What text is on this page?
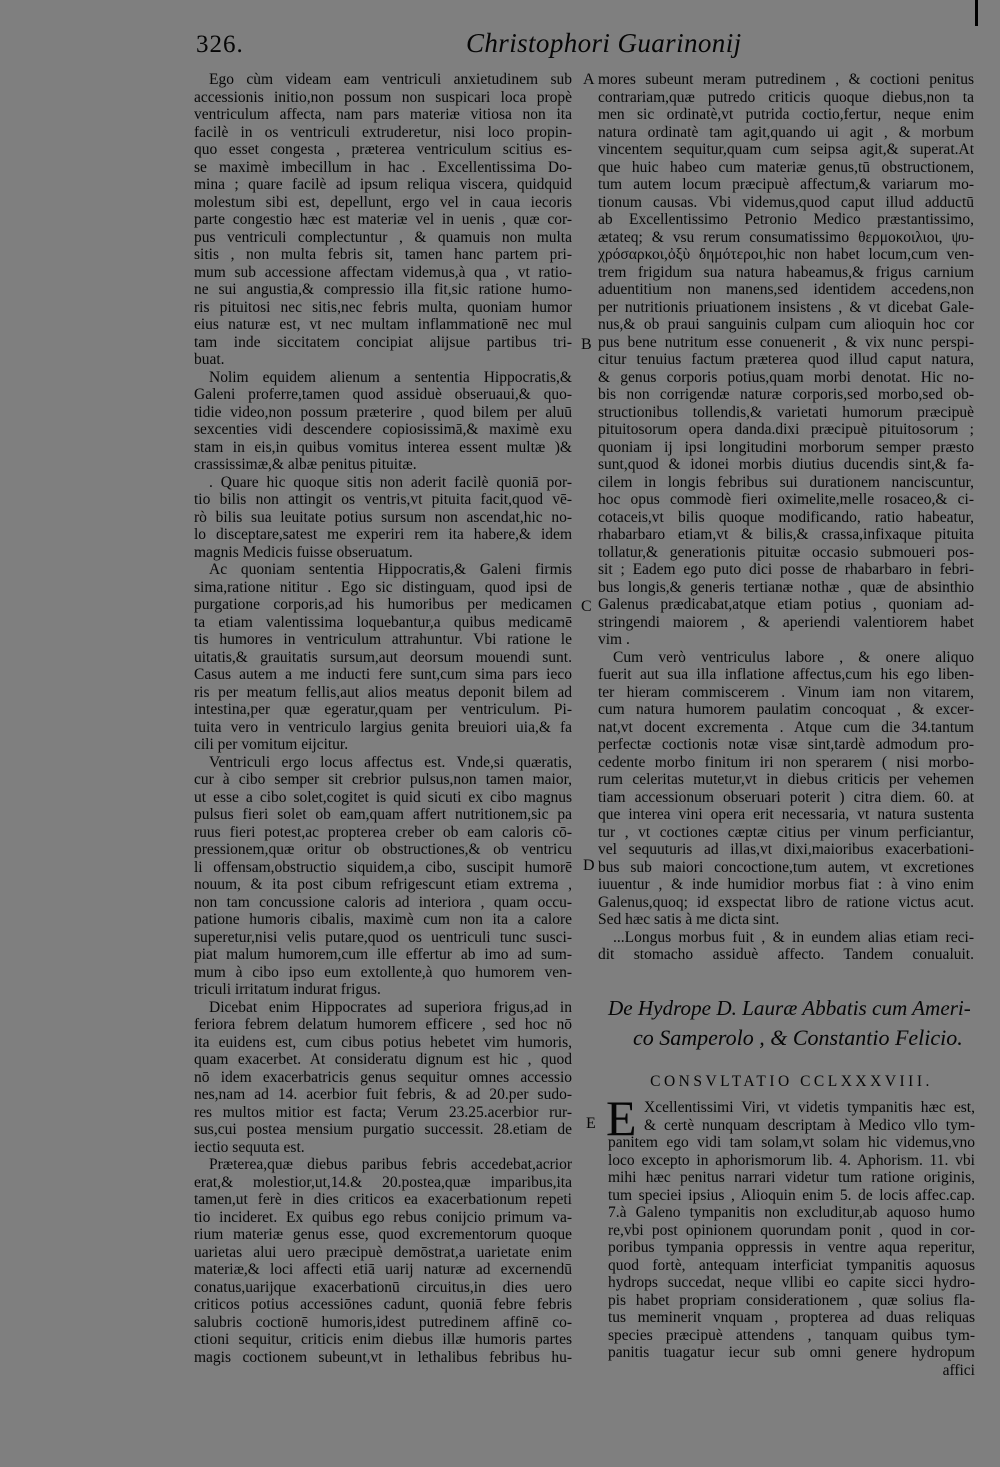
326.	Christophori Guarinonij
Ego cùm videam eam ventriculi anxietudinem sub
accessionis initio,non possum non suspicari loca propè
ventriculum affecta, nam pars materiæ vitiosa non ita
facilè in os ventriculi extruderetur, nisi loco propin-
quo esset congesta , præterea ventriculum scitius es-
se maximè imbecillum in hac . Excellentissima Do-
mina ; quare facilè ad ipsum reliqua viscera, quidquid
molestum sibi est, depellunt, ergo vel in caua iecoris
parte congestio hæc est materiæ vel in uenis , quæ cor-
pus ventriculi complectuntur , & quamuis non multa
sitis , non multa febris sit, tamen hanc partem pri-
mum sub accessione affectam videmus,à qua , vt ratio-
ne sui angustia,& compressio illa fit,sic ratione humo-
ris pituitosi nec sitis,nec febris multa, quoniam humor
eius naturæ est, vt nec multam inflammationē nec mul
tam inde siccitatem concipiat alijsue partibus tri-
buat.
Nolim equidem alienum a sententia Hippocratis,&
Galeni proferre,tamen quod assiduè obseruaui,& quo-
tidie video,non possum præterire , quod bilem per aluū
sexcenties vidi descendere copiosissimā,& maximè exu
stam in eis,in quibus vomitus interea essent multæ )&
crassissimæ,& albæ penitus pituitæ.
. Quare hic quoque sitis non aderit facilè quoniā por-
tio bilis non attingit os ventris,vt pituita facit,quod vē-
rò bilis sua leuitate potius sursum non ascendat,hic no-
lo disceptare,satest me experiri rem ita habere,& idem
magnis Medicis fuisse obseruatum.
Ac quoniam sententia Hippocratis,& Galeni firmis
sima,ratione nititur . Ego sic distinguam, quod ipsi de
purgatione corporis,ad his humoribus per medicamen
ta etiam valentissima loquebantur,a quibus medicamē
tis humores in ventriculum attrahuntur. Vbi ratione le
uitatis,& grauitatis sursum,aut deorsum mouendi sunt.
Casus autem a me inducti fere sunt,cum sima pars ieco
ris per meatum fellis,aut alios meatus deponit bilem ad
intestina,per quæ egeratur,quam per ventriculum. Pi-
tuita vero in ventriculo largius genita breuiori uia,& fa
cili per vomitum eijcitur.
Ventriculi ergo locus affectus est. Vnde,si quæratis,
cur à cibo semper sit crebrior pulsus,non tamen maior,
ut esse a cibo solet,cogitet is quid sicuti ex cibo magnus
pulsus fieri solet ob eam,quam affert nutritionem,sic pa
ruus fieri potest,ac propterea creber ob eam caloris cō-
pressionem,quæ oritur ob obstructiones,& ob ventricu
li offensam,obstructio siquidem,a cibo, suscipit humorē
nouum, & ita post cibum refrigescunt etiam extrema ,
non tam concussione caloris ad interiora , quam occu-
patione humoris cibalis, maximè cum non ita a calore
superetur,nisi velis putare,quod os uentriculi tunc susci-
piat malum humorem,cum ille effertur ab imo ad sum-
mum à cibo ipso eum extollente,à quo humorem ven-
triculi irritatum indurat frigus.
Dicebat enim Hippocrates ad superiora frigus,ad in
feriora febrem delatum humorem efficere , sed hoc nō
ita euidens est, cum cibus potius hebetet vim humoris,
quam exacerbet. At consideratu dignum est hic , quod
nō idem exacerbatricis genus sequitur omnes accessio
nes,nam ad 14. acerbior fuit febris, & ad 20.per sudo-
res multos mitior est facta; Verum 23.25.acerbior rur-
sus,cui postea mensium purgatio successit. 28.etiam de
iectio sequuta est.
Præterea,quæ diebus paribus febris accedebat,acrior
erat,& molestior,ut,14.& 20.postea,quæ imparibus,ita
tamen,ut ferè in dies criticos ea exacerbationum repeti
tio incideret. Ex quibus ego rebus conijcio primum va-
rium materiæ genus esse, quod excrementorum quoque
uarietas alui uero præcipuè demōstrat,a uarietate enim
materiæ,& loci affecti etiā uarij naturæ ad excernendū
conatus,uarijque exacerbationū circuitus,in dies uero
criticos potius accessiōnes cadunt, quoniā febre febris
salubris coctionē humoris,idest putredinem affinē co-
ctioni sequitur, criticis enim diebus illæ humoris partes
magis coctionem subeunt,vt in lethalibus febribus hu-
mores subeunt meram putredinem , & coctioni penitus
contrariam,quæ putredo criticis quoque diebus,non ta
men sic ordinatè,vt putrida coctio,fertur, neque enim
natura ordinatè tam agit,quando ui agit , & morbum
vincentem sequitur,quam cum seipsa agit,& superat.At
que huic habeo cum materiæ genus,tū obstructionem,
tum autem locum præcipuè affectum,& variarum mo-
tionum causas. Vbi videmus,quod caput illud adductū
ab Excellentissimo Petronio Medico præstantissimo,
ætateq; & vsu rerum consumatissimo θερμοκοιλιοι, ψυ-
χρόσαρκοι,ὀξὺ δημότεροι,hic non habet locum,cum ven-
trem frigidum sua natura habeamus,& frigus carnium
aduentitium non manens,sed identidem accedens,non
per nutritionis priuationem insistens , & vt dicebat Gale-
nus,& ob praui sanguinis culpam cum alioquin hoc cor
pus bene nutritum esse conuenerit , & vix nunc perspi-
citur tenuius factum præterea quod illud caput natura,
& genus corporis potius,quam morbi denotat. Hic no-
bis non corrigendæ naturæ corporis,sed morbo,sed ob-
structionibus tollendis,& varietati humorum præcipuè
pituitosorum opera danda.dixi præcipuè pituitosorum ;
quoniam ij ipsi longitudini morborum semper præsto
sunt,quod & idonei morbis diutius ducendis sint,& fa-
cilem in longis febribus sui durationem nanciscuntur,
hoc opus commodè fieri oximelite,melle rosaceo,& ci-
cotaceis,vt bilis quoque modificando, ratio habeatur,
rhabarbaro etiam,vt & bilis,& crassa,infixaque pituita
tollatur,& generationis pituitæ occasio submoueri pos-
sit ; Eadem ego puto dici posse de rhabarbaro in febri-
bus longis,& generis tertianæ nothæ , quæ de absinthio
Galenus prædicabat,atque etiam potius , quoniam ad-
stringendi maiorem , & aperiendi valentiorem habet
vim .
Cum verò ventriculus labore , & onere aliquo
fuerit aut sua illa inflatione affectus,cum his ego liben-
ter hieram commiscerem . Vinum iam non vitarem,
cum natura humorem paulatim concoquat , & excer-
nat,vt docent excrementa . Atque cum die 34.tantum
perfectæ coctionis notæ visæ sint,tardè admodum pro-
cedente morbo finitum iri non sperarem ( nisi morbo-
rum celeritas mutetur,vt in diebus criticis per vehemen
tiam accessionum obseruari poterit ) citra diem. 60. at
que interea vini opera erit necessaria, vt natura sustenta
tur , vt coctiones cæptæ citius per vinum perficiantur,
vel sequuturis ad illas,vt dixi,maioribus exacerbationi-
bus sub maiori concoctione,tum autem, vt excretiones
iuuentur , & inde humidior morbus fiat : à vino enim
Galenus,quoq; id exspectat libro de ratione victus acut.
Sed hæc satis à me dicta sint.
...Longus morbus fuit , & in eundem alias etiam reci-
dit stomacho assiduè affecto. Tandem conualuit.
A
B
C
D
E
De Hydrope D. Lauræ Abbatis cum Ameri-
co Samperolo , & Constantio Felicio.
CONSVLTATIO CCLXXXVIII.
E Xcellentissimi Viri, vt videtis tympanitis hæc est,
& certè nunquam descriptam à Medico vllo tym-
panitem ego vidi tam solam,vt solam hic videmus,vno
loco excepto in aphorismorum lib. 4. Aphorism. 11. vbi
mihi hæc penitus narrari videtur tum ratione originis,
tum speciei ipsius , Alioquin enim 5. de locis affec.cap.
7.à Galeno tympanitis non excluditur,ab aquoso humo
re,vbi post opinionem quorundam ponit , quod in cor-
poribus tympania oppressis in ventre aqua reperitur,
quod fortè, antequam interficiat tympanitis aquosus
hydrops succedat, neque vllibi eo capite sicci hydro-
pis habet propriam considerationem , quæ solius fla-
tus meminerit vnquam , propterea ad duas reliquas
species præcipuè attendens , tanquam quibus tym-
panitis tuagatur iecur sub omni genere hydropum
affici
